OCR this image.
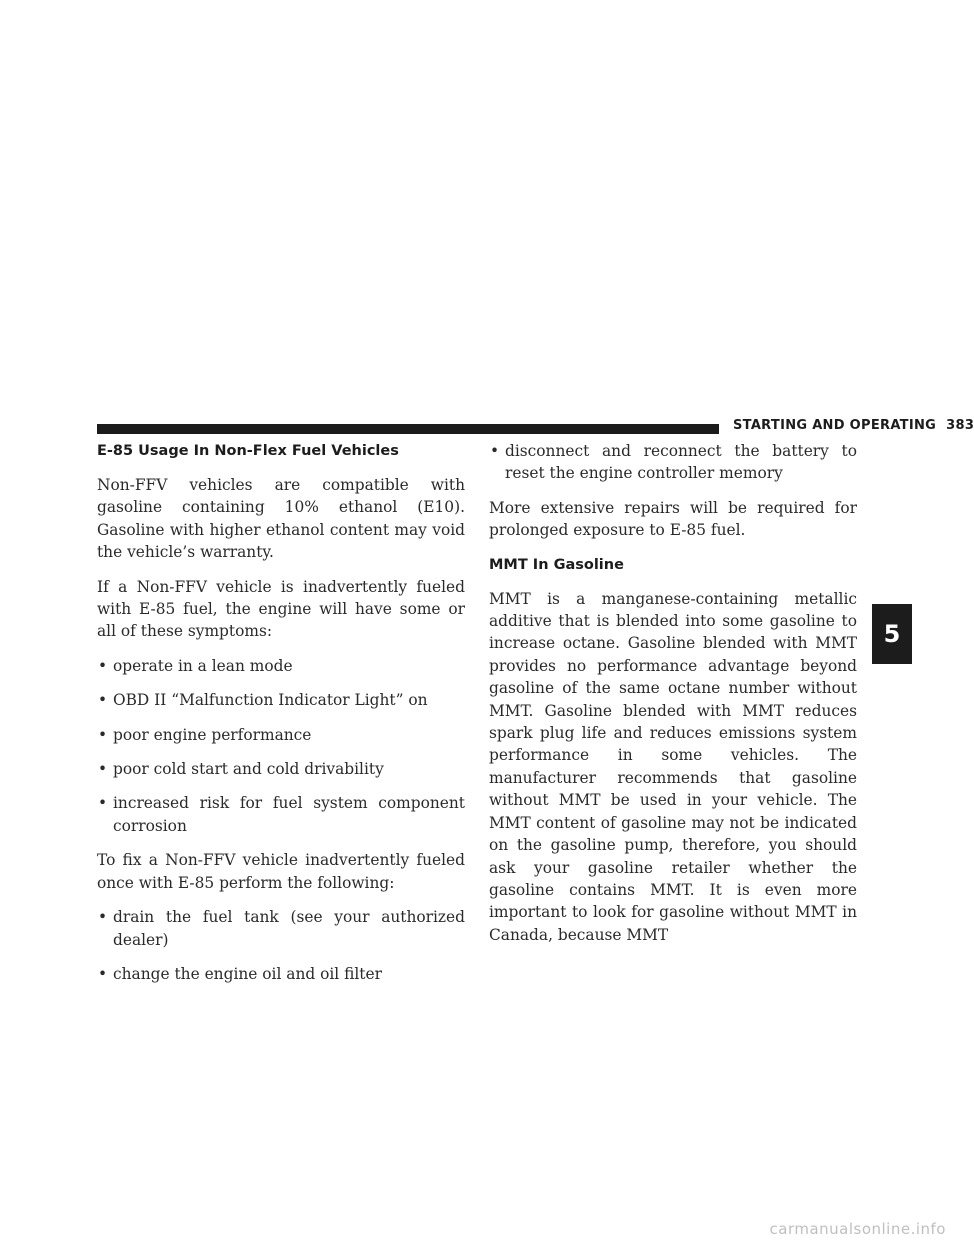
STARTING AND OPERATING 383
E-85 Usage In Non-Flex Fuel Vehicles

Non-FFV vehicles are compatible with gasoline containing 10% ethanol (E10). Gasoline with higher ethanol content may void the vehicle’s warranty.

If a Non-FFV vehicle is inadvertently fueled with E-85 fuel, the engine will have some or all of these symptoms:

• operate in a lean mode
• OBD II “Malfunction Indicator Light” on
• poor engine performance
• poor cold start and cold drivability
• increased risk for fuel system component corrosion

To fix a Non-FFV vehicle inadvertently fueled once with E-85 perform the following:

• drain the fuel tank (see your authorized dealer)
• change the engine oil and oil filter
• disconnect and reconnect the battery to reset the engine controller memory

More extensive repairs will be required for prolonged exposure to E-85 fuel.

MMT In Gasoline

MMT is a manganese-containing metallic additive that is blended into some gasoline to increase octane. Gasoline blended with MMT provides no performance advantage beyond gasoline of the same octane number without MMT. Gasoline blended with MMT reduces spark plug life and reduces emissions system performance in some vehicles. The manufacturer recommends that gasoline without MMT be used in your vehicle. The MMT content of gasoline may not be indicated on the gasoline pump, therefore, you should ask your gasoline retailer whether the gasoline contains MMT. It is even more important to look for gasoline without MMT in Canada, because MMT

5
carmanualsonline.info
